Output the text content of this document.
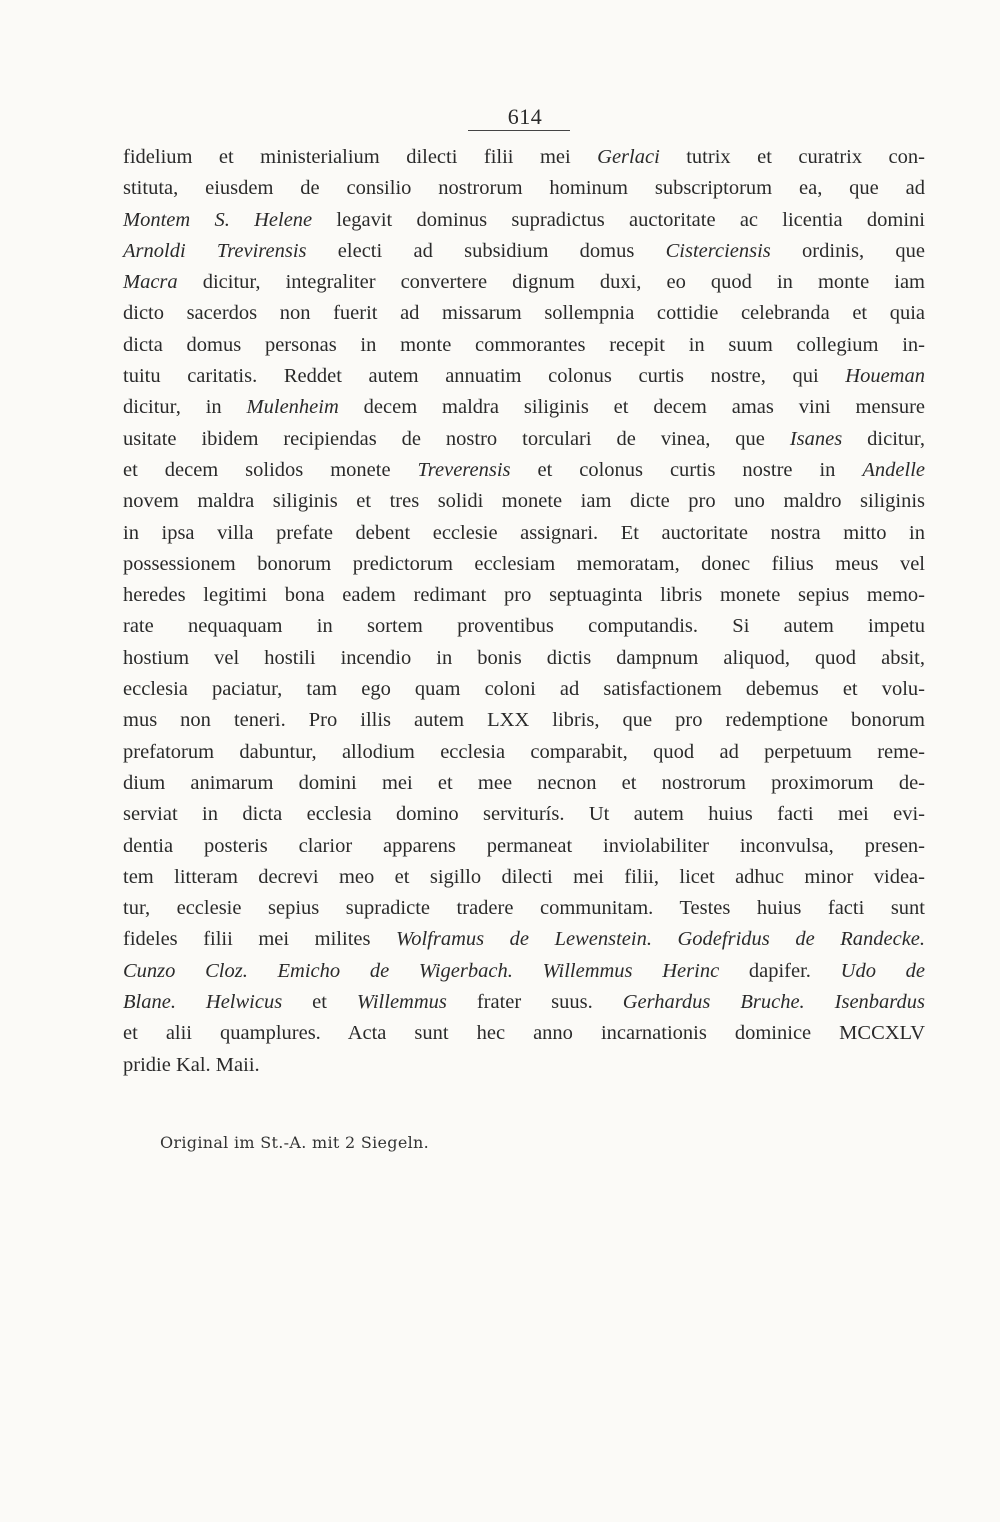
614
fidelium et ministerialium dilecti filii mei Gerlaci tutrix et curatrix con-
stituta, eiusdem de consilio nostrorum hominum subscriptorum ea, que ad
Montem S. Helene legavit dominus supradictus auctoritate ac licentia domini
Arnoldi Trevirensis electi ad subsidium domus Cisterciensis ordinis, que
Macra dicitur, integraliter convertere dignum duxi, eo quod in monte iam
dicto sacerdos non fuerit ad missarum sollempnia cottidie celebranda et quia
dicta domus personas in monte commorantes recepit in suum collegium in-
tuitu caritatis. Reddet autem annuatim colonus curtis nostre, qui Houeman
dicitur, in Mulenheim decem maldra siliginis et decem amas vini mensure
usitate ibidem recipiendas de nostro torculari de vinea, que Isanes dicitur,
et decem solidos monete Treverensis et colonus curtis nostre in Andelle
novem maldra siliginis et tres solidi monete iam dicte pro uno maldro siliginis
in ipsa villa prefate debent ecclesie assignari. Et auctoritate nostra mitto in
possessionem bonorum predictorum ecclesiam memoratam, donec filius meus vel
heredes legitimi bona eadem redimant pro septuaginta libris monete sepius memo-
rate nequaquam in sortem proventibus computandis. Si autem impetu
hostium vel hostili incendio in bonis dictis dampnum aliquod, quod absit,
ecclesia paciatur, tam ego quam coloni ad satisfactionem debemus et volu-
mus non teneri. Pro illis autem LXX libris, que pro redemptione bonorum
prefatorum dabuntur, allodium ecclesia comparabit, quod ad perpetuum reme-
dium animarum domini mei et mee necnon et nostrorum proximorum de-
serviat in dicta ecclesia domino serviturís. Ut autem huius facti mei evi-
dentia posteris clarior apparens permaneat inviolabiliter inconvulsa, presen-
tem litteram decrevi meo et sigillo dilecti mei filii, licet adhuc minor videa-
tur, ecclesie sepius supradicte tradere communitam. Testes huius facti sunt
fideles filii mei milites Wolframus de Lewenstein. Godefridus de Randecke.
Cunzo Cloz. Emicho de Wigerbach. Willemmus Herinc dapifer. Udo de
Blane. Helwicus et Willemmus frater suus. Gerhardus Bruche. Isenbardus
et alii quamplures. Acta sunt hec anno incarnationis dominice MCCXLV
pridie Kal. Maii.
Original im St.-A. mit 2 Siegeln.
